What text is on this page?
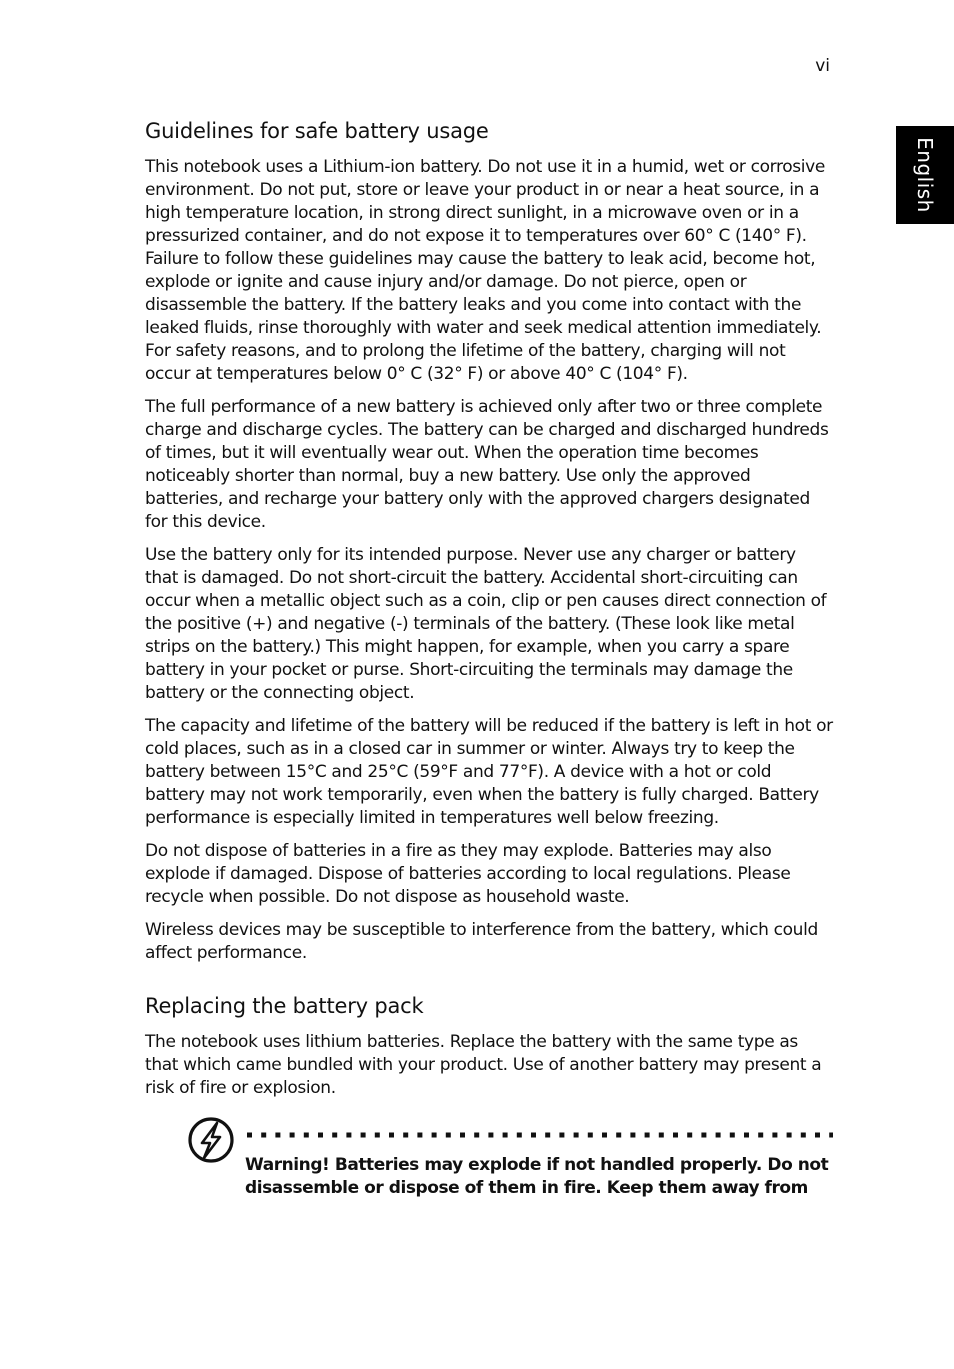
vi
English
Guidelines for safe battery usage

This notebook uses a Lithium-ion battery. Do not use it in a humid, wet or corrosive environment. Do not put, store or leave your product in or near a heat source, in a high temperature location, in strong direct sunlight, in a microwave oven or in a pressurized container, and do not expose it to temperatures over 60° C (140° F). Failure to follow these guidelines may cause the battery to leak acid, become hot, explode or ignite and cause injury and/or damage. Do not pierce, open or disassemble the battery. If the battery leaks and you come into contact with the leaked fluids, rinse thoroughly with water and seek medical attention immediately. For safety reasons, and to prolong the lifetime of the battery, charging will not occur at temperatures below 0° C (32° F) or above 40° C (104° F).

The full performance of a new battery is achieved only after two or three complete charge and discharge cycles. The battery can be charged and discharged hundreds of times, but it will eventually wear out. When the operation time becomes noticeably shorter than normal, buy a new battery. Use only the approved batteries, and recharge your battery only with the approved chargers designated for this device.

Use the battery only for its intended purpose. Never use any charger or battery that is damaged. Do not short-circuit the battery. Accidental short-circuiting can occur when a metallic object such as a coin, clip or pen causes direct connection of the positive (+) and negative (-) terminals of the battery. (These look like metal strips on the battery.) This might happen, for example, when you carry a spare battery in your pocket or purse. Short-circuiting the terminals may damage the battery or the connecting object.

The capacity and lifetime of the battery will be reduced if the battery is left in hot or cold places, such as in a closed car in summer or winter. Always try to keep the battery between 15°C and 25°C (59°F and 77°F). A device with a hot or cold battery may not work temporarily, even when the battery is fully charged. Battery performance is especially limited in temperatures well below freezing.

Do not dispose of batteries in a fire as they may explode. Batteries may also explode if damaged. Dispose of batteries according to local regulations. Please recycle when possible. Do not dispose as household waste.

Wireless devices may be susceptible to interference from the battery, which could affect performance.

Replacing the battery pack

The notebook uses lithium batteries. Replace the battery with the same type as that which came bundled with your product. Use of another battery may present a risk of fire or explosion.

Warning! Batteries may explode if not handled properly. Do not disassemble or dispose of them in fire. Keep them away from
